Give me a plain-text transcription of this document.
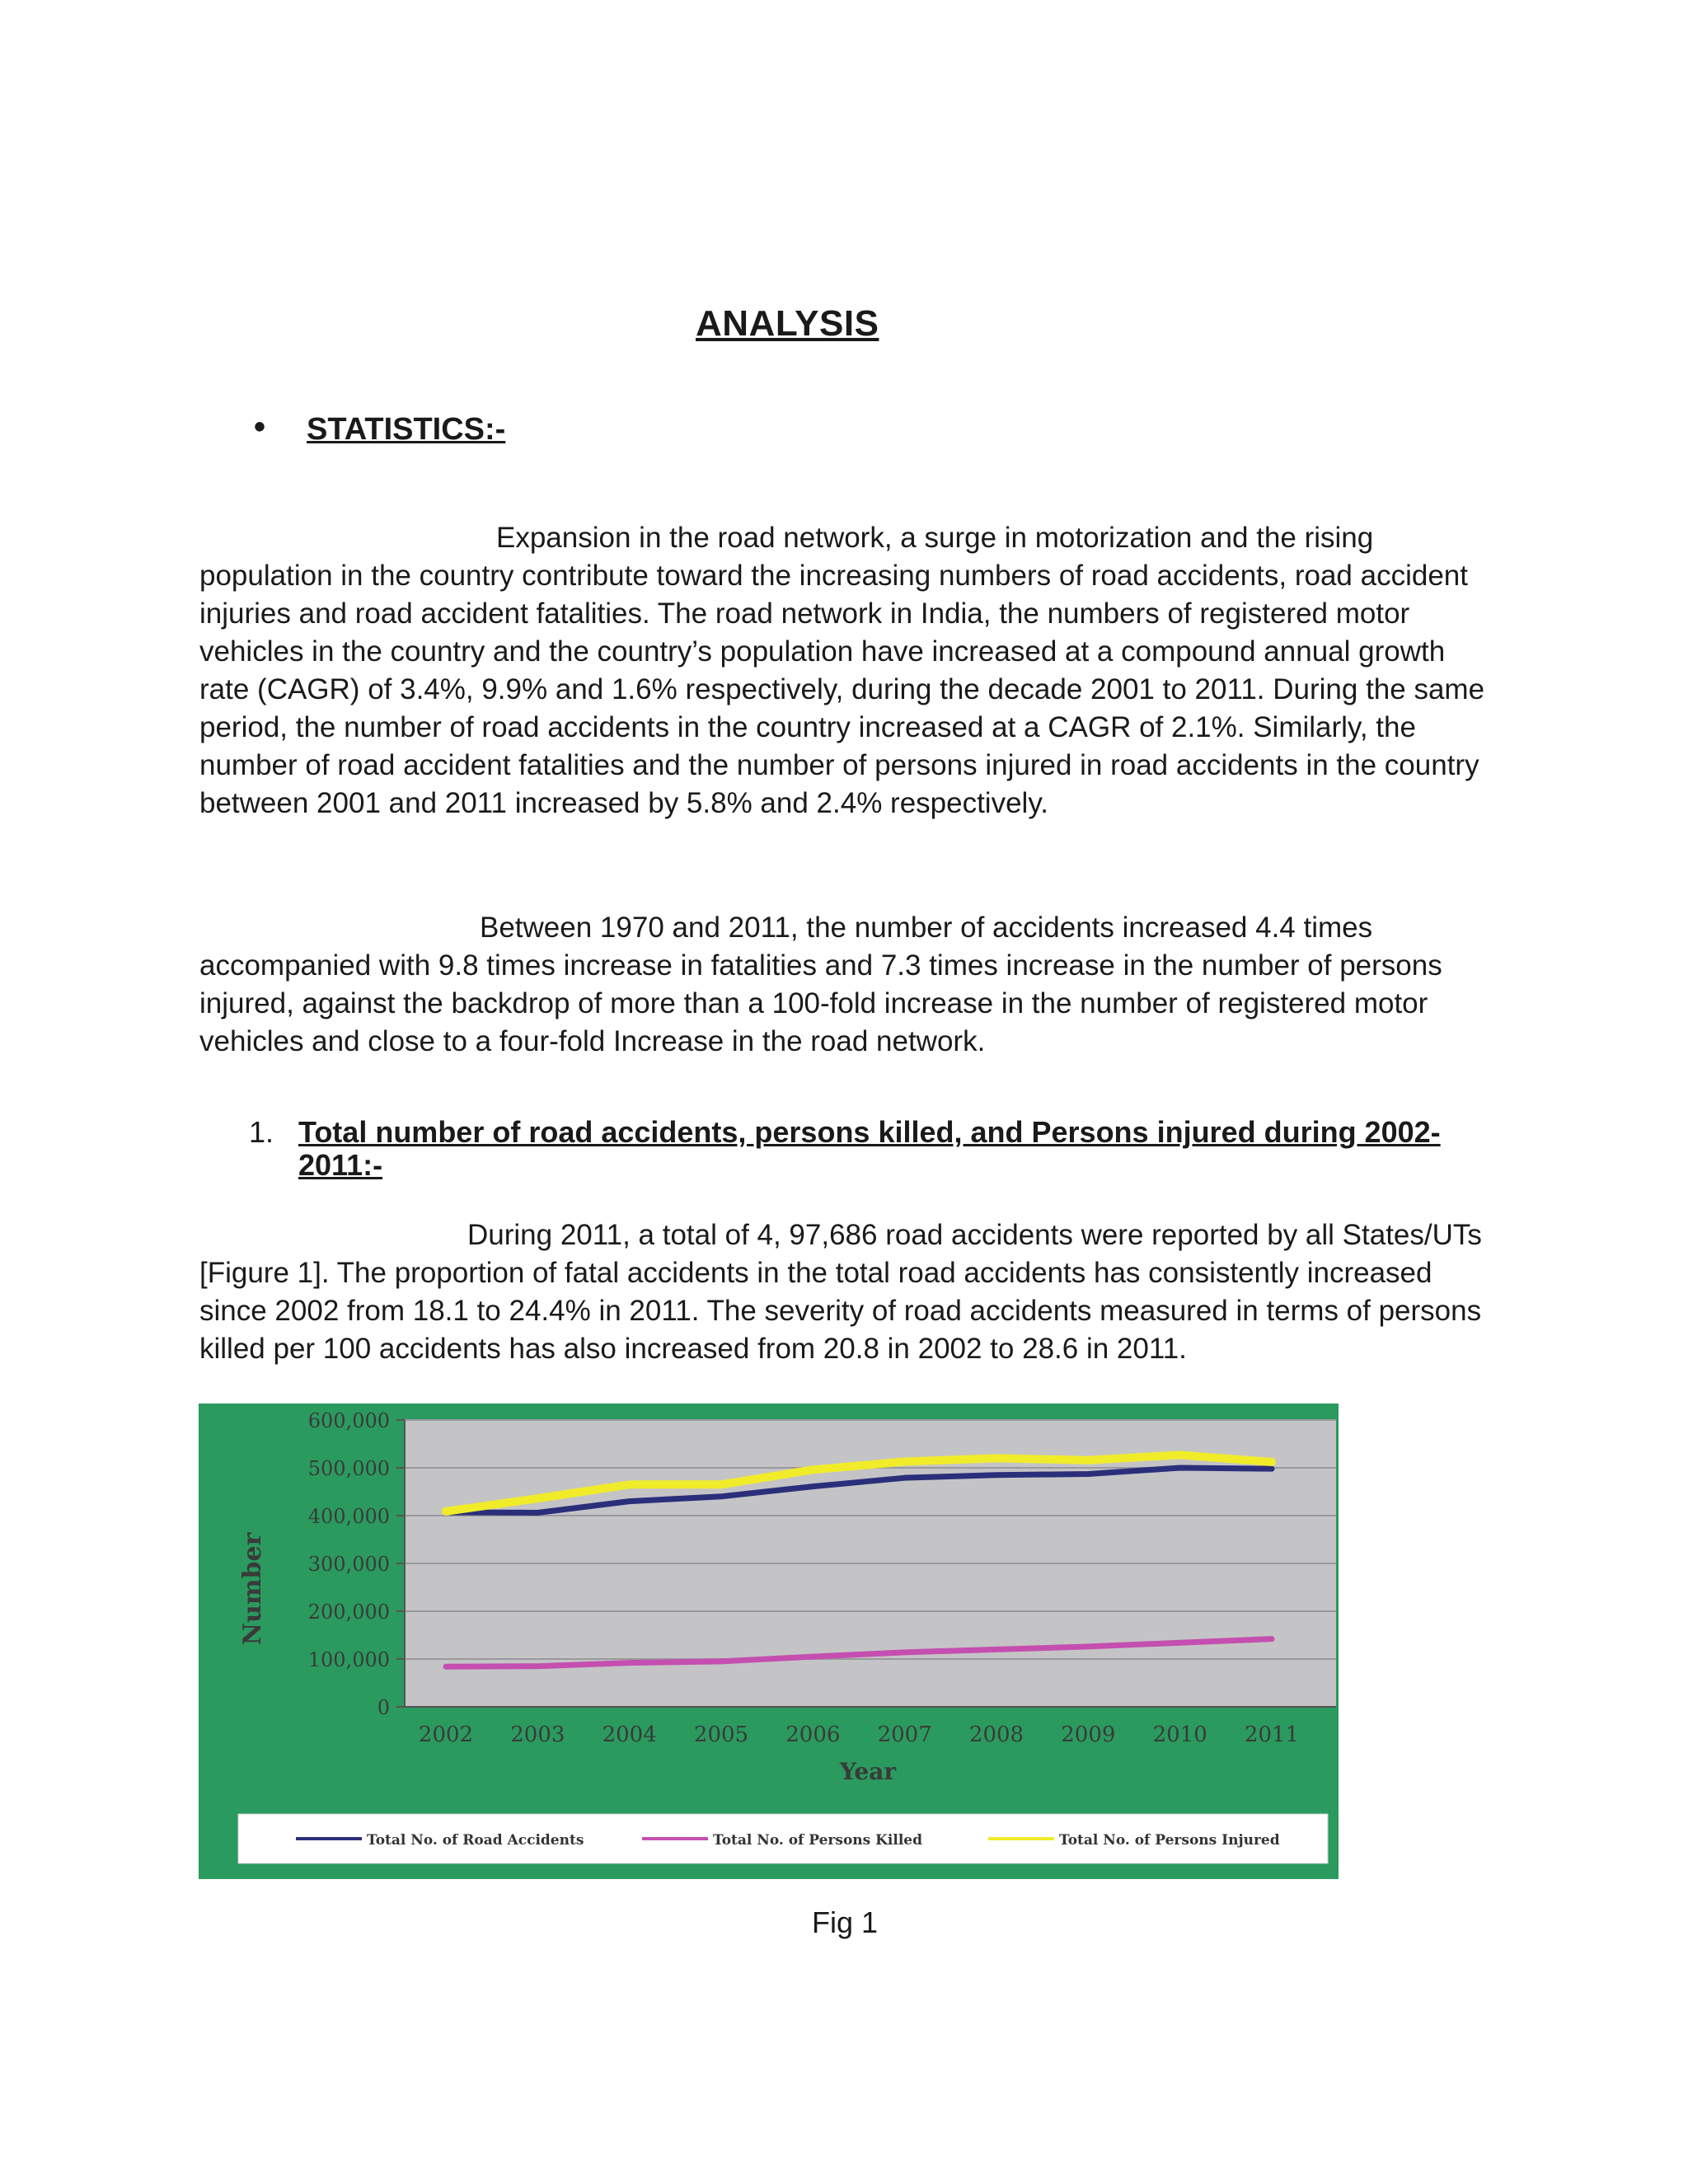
ANALYSIS
• STATISTICS:-

Expansion in the road network, a surge in motorization and the rising population in the country contribute toward the increasing numbers of road accidents, road accident injuries and road accident fatalities. The road network in India, the numbers of registered motor vehicles in the country and the country’s population have increased at a compound annual growth rate (CAGR) of 3.4%, 9.9% and 1.6% respectively, during the decade 2001 to 2011. During the same period, the number of road accidents in the country increased at a CAGR of 2.1%. Similarly, the number of road accident fatalities and the number of persons injured in road accidents in the country between 2001 and 2011 increased by 5.8% and 2.4% respectively.

Between 1970 and 2011, the number of accidents increased 4.4 times accompanied with 9.8 times increase in fatalities and 7.3 times increase in the number of persons injured, against the backdrop of more than a 100-fold increase in the number of registered motor vehicles and close to a four-fold Increase in the road network.

1. Total number of road accidents, persons killed, and Persons injured during 2002-2011:-

During 2011, a total of 4, 97,686 road accidents were reported by all States/UTs [Figure 1]. The proportion of fatal accidents in the total road accidents has consistently increased since 2002 from 18.1 to 24.4% in 2011. The severity of road accidents measured in terms of persons killed per 100 accidents has also increased from 20.8 in 2002 to 28.6 in 2011.

0
100,000
200,000
300,000
400,000
500,000
600,000
2002 2003 2004 2005 2006 2007 2008 2009 2010 2011
Year
Number
Total No. of Road Accidents	Total No. of Persons Killed	Total No. of Persons Injured
Fig 1
